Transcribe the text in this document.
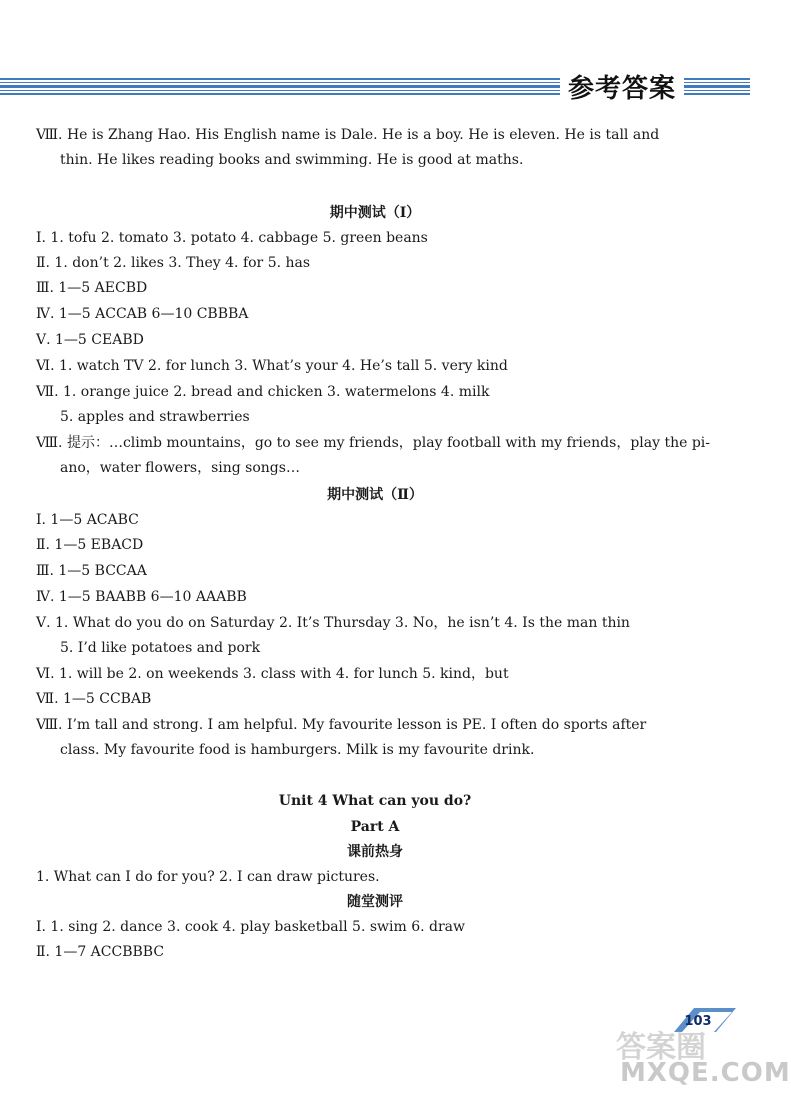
参考答案
Ⅷ. He is Zhang Hao. His English name is Dale. He is a boy. He is eleven. He is tall and
thin. He likes reading books and swimming. He is good at maths.
期中测试（Ⅰ）
Ⅰ. 1. tofu 2. tomato 3. potato 4. cabbage 5. green beans
Ⅱ. 1. don’t 2. likes 3. They 4. for 5. has
Ⅲ. 1—5 AECBD
Ⅳ. 1—5 ACCAB 6—10 CBBBA
Ⅴ. 1—5 CEABD
Ⅵ. 1. watch TV 2. for lunch 3. What’s your 4. He’s tall 5. very kind
Ⅶ. 1. orange juice 2. bread and chicken 3. watermelons 4. milk
5. apples and strawberries
Ⅷ. 提示：…climb mountains，go to see my friends，play football with my friends，play the pi-
ano，water flowers，sing songs…
期中测试（Ⅱ）
Ⅰ. 1—5 ACABC
Ⅱ. 1—5 EBACD
Ⅲ. 1—5 BCCAA
Ⅳ. 1—5 BAABB 6—10 AAABB
Ⅴ. 1. What do you do on Saturday 2. It’s Thursday 3. No，he isn’t 4. Is the man thin
5. I’d like potatoes and pork
Ⅵ. 1. will be 2. on weekends 3. class with 4. for lunch 5. kind，but
Ⅶ. 1—5 CCBAB
Ⅷ. I’m tall and strong. I am helpful. My favourite lesson is PE. I often do sports after
class. My favourite food is hamburgers. Milk is my favourite drink.
Unit 4 What can you do?
Part A
课前热身
1. What can I do for you? 2. I can draw pictures.
随堂测评
Ⅰ. 1. sing 2. dance 3. cook 4. play basketball 5. swim 6. draw
Ⅱ. 1—7 ACCBBBC
103
答案圈
MXQE.COM
